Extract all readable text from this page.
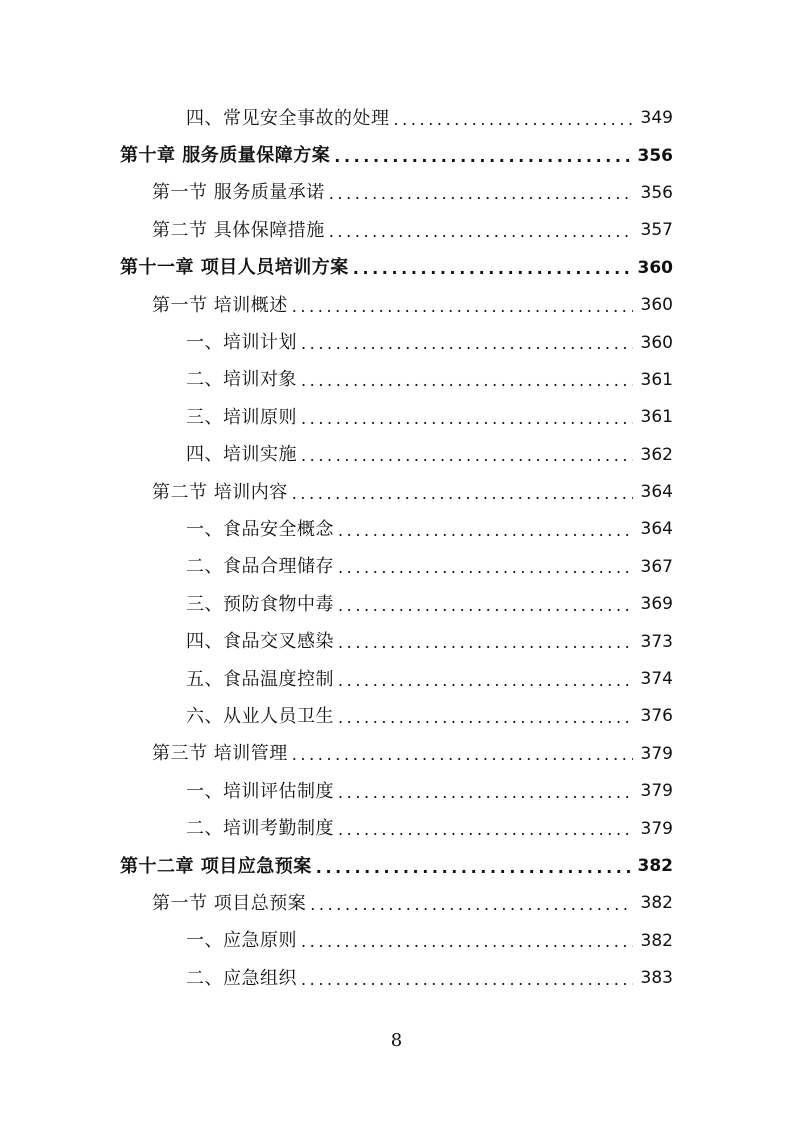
四、常见安全事故的处理 .....	349
第十章 服务质量保障方案 .....	356
第一节 服务质量承诺 .....	356
第二节 具体保障措施 .....	357
第十一章 项目人员培训方案 .....	360
第一节 培训概述 .....	360
一、培训计划 .....	360
二、培训对象 .....	361
三、培训原则 .....	361
四、培训实施 .....	362
第二节 培训内容 .....	364
一、食品安全概念 .....	364
二、食品合理储存 .....	367
三、预防食物中毒 .....	369
四、食品交叉感染 .....	373
五、食品温度控制 .....	374
六、从业人员卫生 .....	376
第三节 培训管理 .....	379
一、培训评估制度 .....	379
二、培训考勤制度 .....	379
第十二章 项目应急预案 .....	382
第一节 项目总预案 .....	382
一、应急原则 .....	382
二、应急组织 .....	383
8
